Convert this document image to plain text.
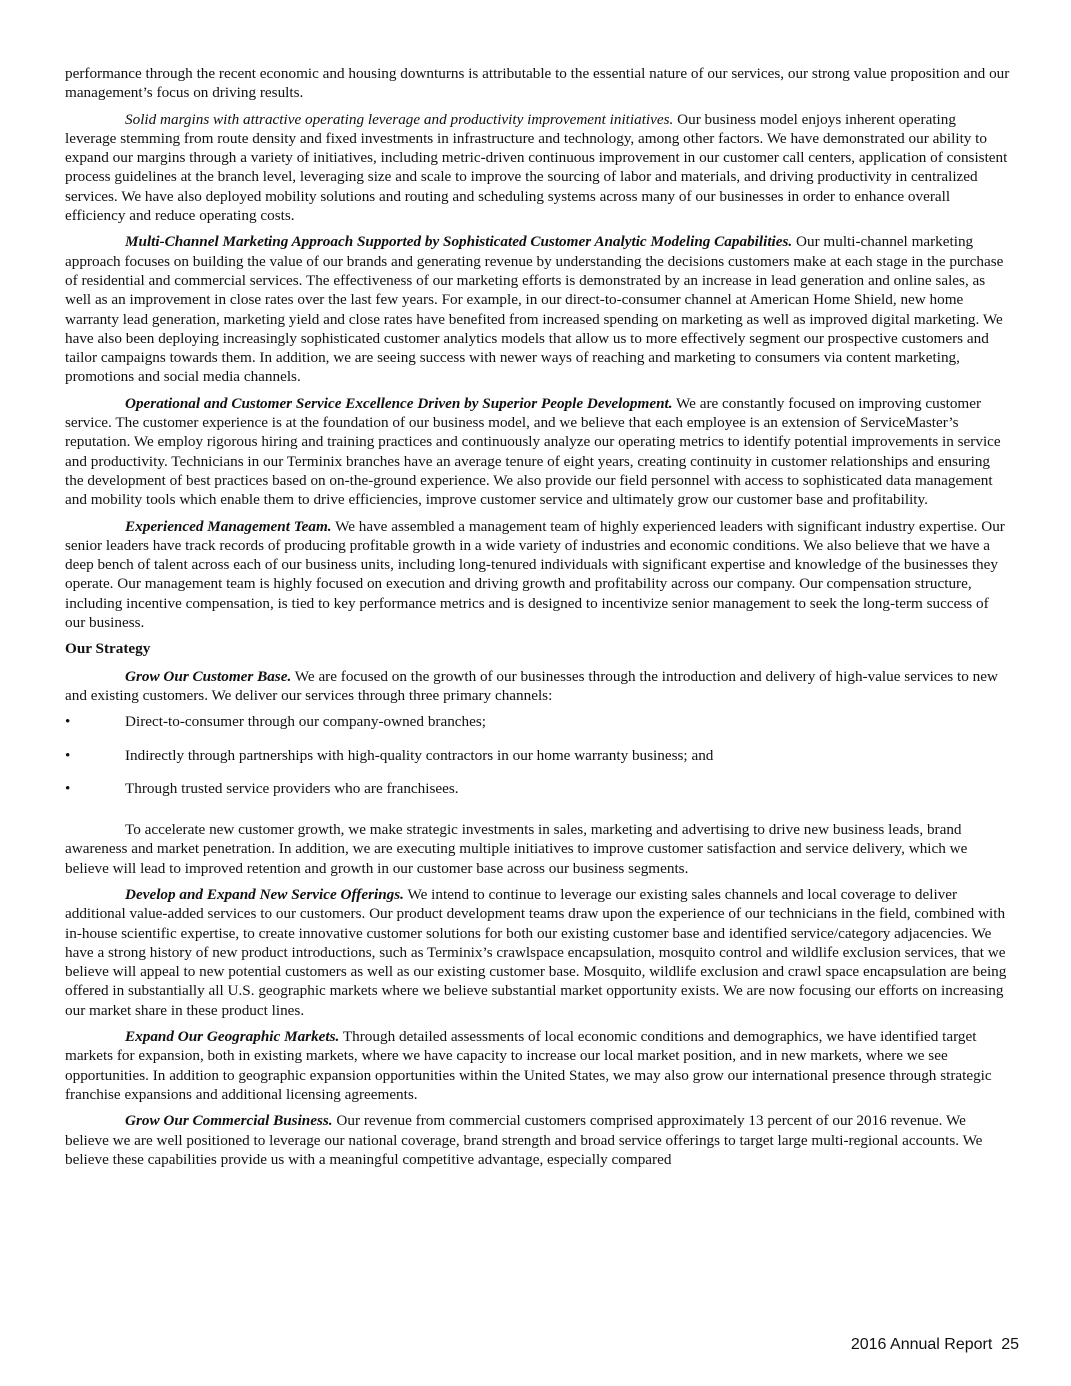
performance through the recent economic and housing downturns is attributable to the essential nature of our services, our strong value proposition and our management’s focus on driving results.

Solid margins with attractive operating leverage and productivity improvement initiatives. Our business model enjoys inherent operating leverage stemming from route density and fixed investments in infrastructure and technology, among other factors. We have demonstrated our ability to expand our margins through a variety of initiatives, including metric-driven continuous improvement in our customer call centers, application of consistent process guidelines at the branch level, leveraging size and scale to improve the sourcing of labor and materials, and driving productivity in centralized services. We have also deployed mobility solutions and routing and scheduling systems across many of our businesses in order to enhance overall efficiency and reduce operating costs.

Multi-Channel Marketing Approach Supported by Sophisticated Customer Analytic Modeling Capabilities. Our multi-channel marketing approach focuses on building the value of our brands and generating revenue by understanding the decisions customers make at each stage in the purchase of residential and commercial services. The effectiveness of our marketing efforts is demonstrated by an increase in lead generation and online sales, as well as an improvement in close rates over the last few years. For example, in our direct-to-consumer channel at American Home Shield, new home warranty lead generation, marketing yield and close rates have benefited from increased spending on marketing as well as improved digital marketing. We have also been deploying increasingly sophisticated customer analytics models that allow us to more effectively segment our prospective customers and tailor campaigns towards them. In addition, we are seeing success with newer ways of reaching and marketing to consumers via content marketing, promotions and social media channels.

Operational and Customer Service Excellence Driven by Superior People Development. We are constantly focused on improving customer service. The customer experience is at the foundation of our business model, and we believe that each employee is an extension of ServiceMaster’s reputation. We employ rigorous hiring and training practices and continuously analyze our operating metrics to identify potential improvements in service and productivity. Technicians in our Terminix branches have an average tenure of eight years, creating continuity in customer relationships and ensuring the development of best practices based on on-the-ground experience. We also provide our field personnel with access to sophisticated data management and mobility tools which enable them to drive efficiencies, improve customer service and ultimately grow our customer base and profitability.

Experienced Management Team. We have assembled a management team of highly experienced leaders with significant industry expertise. Our senior leaders have track records of producing profitable growth in a wide variety of industries and economic conditions. We also believe that we have a deep bench of talent across each of our business units, including long-tenured individuals with significant expertise and knowledge of the businesses they operate. Our management team is highly focused on execution and driving growth and profitability across our company. Our compensation structure, including incentive compensation, is tied to key performance metrics and is designed to incentivize senior management to seek the long-term success of our business.

Our Strategy

Grow Our Customer Base. We are focused on the growth of our businesses through the introduction and delivery of high-value services to new and existing customers. We deliver our services through three primary channels:

•	Direct-to-consumer through our company-owned branches;
•	Indirectly through partnerships with high-quality contractors in our home warranty business; and
•	Through trusted service providers who are franchisees.

To accelerate new customer growth, we make strategic investments in sales, marketing and advertising to drive new business leads, brand awareness and market penetration. In addition, we are executing multiple initiatives to improve customer satisfaction and service delivery, which we believe will lead to improved retention and growth in our customer base across our business segments.

Develop and Expand New Service Offerings. We intend to continue to leverage our existing sales channels and local coverage to deliver additional value-added services to our customers. Our product development teams draw upon the experience of our technicians in the field, combined with in-house scientific expertise, to create innovative customer solutions for both our existing customer base and identified service/category adjacencies. We have a strong history of new product introductions, such as Terminix’s crawlspace encapsulation, mosquito control and wildlife exclusion services, that we believe will appeal to new potential customers as well as our existing customer base. Mosquito, wildlife exclusion and crawl space encapsulation are being offered in substantially all U.S. geographic markets where we believe substantial market opportunity exists. We are now focusing our efforts on increasing our market share in these product lines.

Expand Our Geographic Markets. Through detailed assessments of local economic conditions and demographics, we have identified target markets for expansion, both in existing markets, where we have capacity to increase our local market position, and in new markets, where we see opportunities. In addition to geographic expansion opportunities within the United States, we may also grow our international presence through strategic franchise expansions and additional licensing agreements.

Grow Our Commercial Business. Our revenue from commercial customers comprised approximately 13 percent of our 2016 revenue. We believe we are well positioned to leverage our national coverage, brand strength and broad service offerings to target large multi-regional accounts. We believe these capabilities provide us with a meaningful competitive advantage, especially compared

2016 Annual Report 25
